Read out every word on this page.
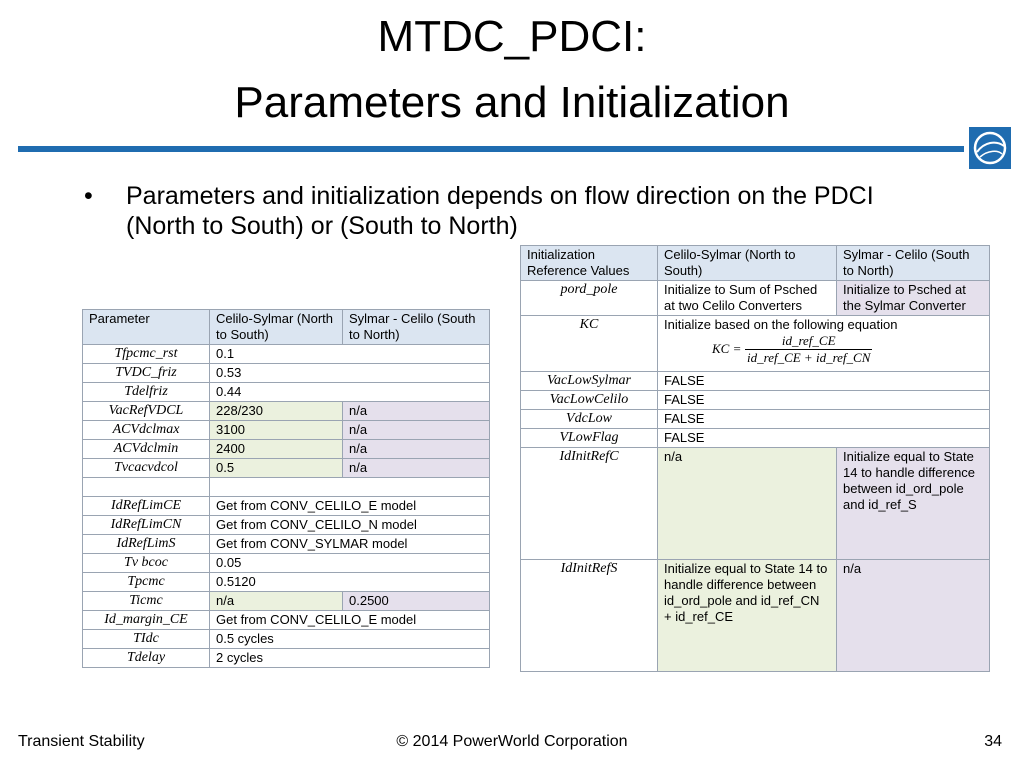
MTDC_PDCI:
Parameters and Initialization
• Parameters and initialization depends on flow direction on the PDCI (North to South) or (South to North)
Parameter	Celilo-Sylmar (North to South)	Sylmar - Celilo (South to North)
Tfpcmc_rst	0.1	
TVDC_friz	0.53	
Tdelfriz	0.44	
VacRefVDCL	228/230	n/a
ACVdclmax	3100	n/a
ACVdclmin	2400	n/a
Tvcacvdcol	0.5	n/a

IdRefLimCE	Get from CONV_CELILO_E model	
IdRefLimCN	Get from CONV_CELILO_N model	
IdRefLimS	Get from CONV_SYLMAR model	
Tv bcoc	0.05	
Tpcmc	0.5120	
Ticmc	n/a	0.2500
Id_margin_CE	Get from CONV_CELILO_E model	
TIdc	0.5 cycles	
Tdelay	2 cycles	
Initialization Reference Values	Celilo-Sylmar (North to South)	Sylmar - Celilo (South to North)
pord_pole	Initialize to Sum of Psched at two Celilo Converters	Initialize to Psched at the Sylmar Converter
KC	Initialize based on the following equation
KC = $\frac{\text{id\_ref\_CE}}{\text{id\_ref\_CE + id\_ref\_CN}}$

VacLowSylmar	FALSE	
VacLowCelilo	FALSE	
VdcLow	FALSE	
VLowFlag	FALSE	
IdInitRefC	n/a	Initialize equal to State 14 to handle difference between id_ord_pole and id_ref_S
IdInitRefS	Initialize equal to State 14 to handle difference between id_ord_pole and id_ref_CN + id_ref_CE	n/a
Transient Stability	© 2014 PowerWorld Corporation	34
